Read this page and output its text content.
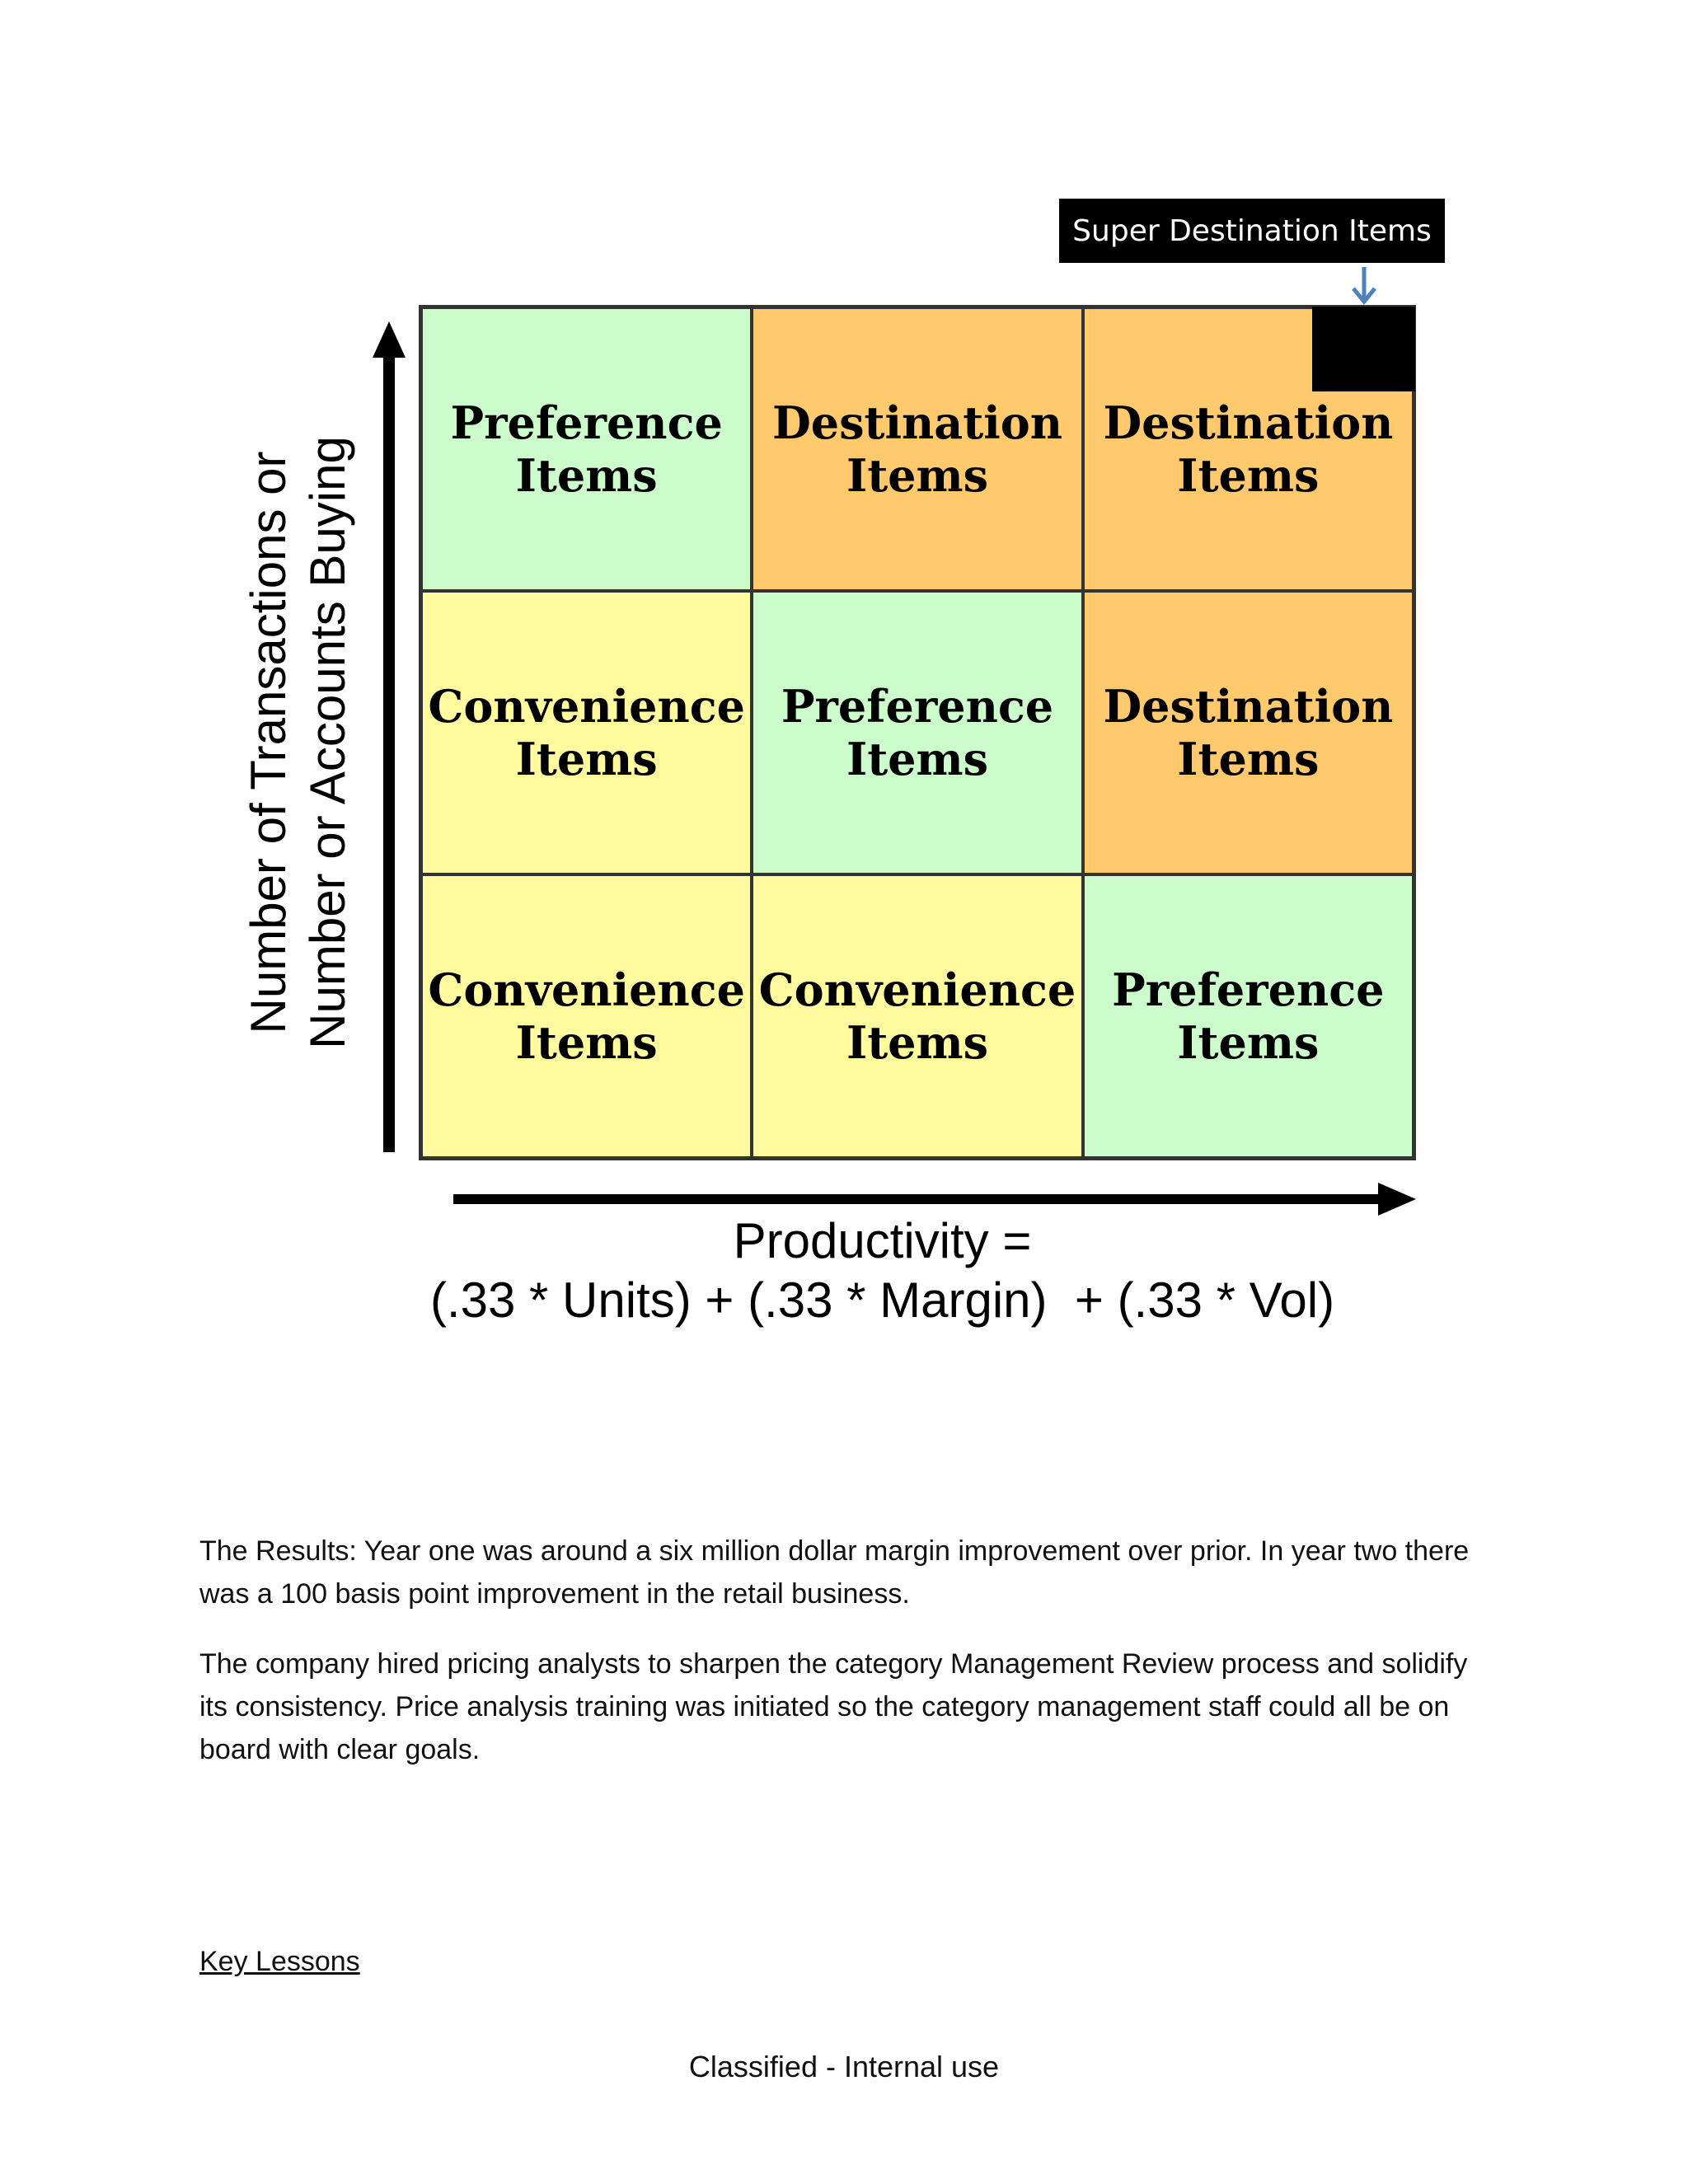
Super Destination Items
Preference
Items
Destination
Items
Destination
Items
Convenience
Items
Preference
Items
Destination
Items
Convenience
Items
Convenience
Items
Preference
Items
Number of Transactions or Number or Accounts Buying
Productivity =
(.33 * Units) + (.33 * Margin)  + (.33 * Vol)
The Results: Year one was around a six million dollar margin improvement over prior. In year two there was a 100 basis point improvement in the retail business.
The company hired pricing analysts to sharpen the category Management Review process and solidify its consistency. Price analysis training was initiated so the category management staff could all be on board with clear goals.
Key Lessons
Classified - Internal use
